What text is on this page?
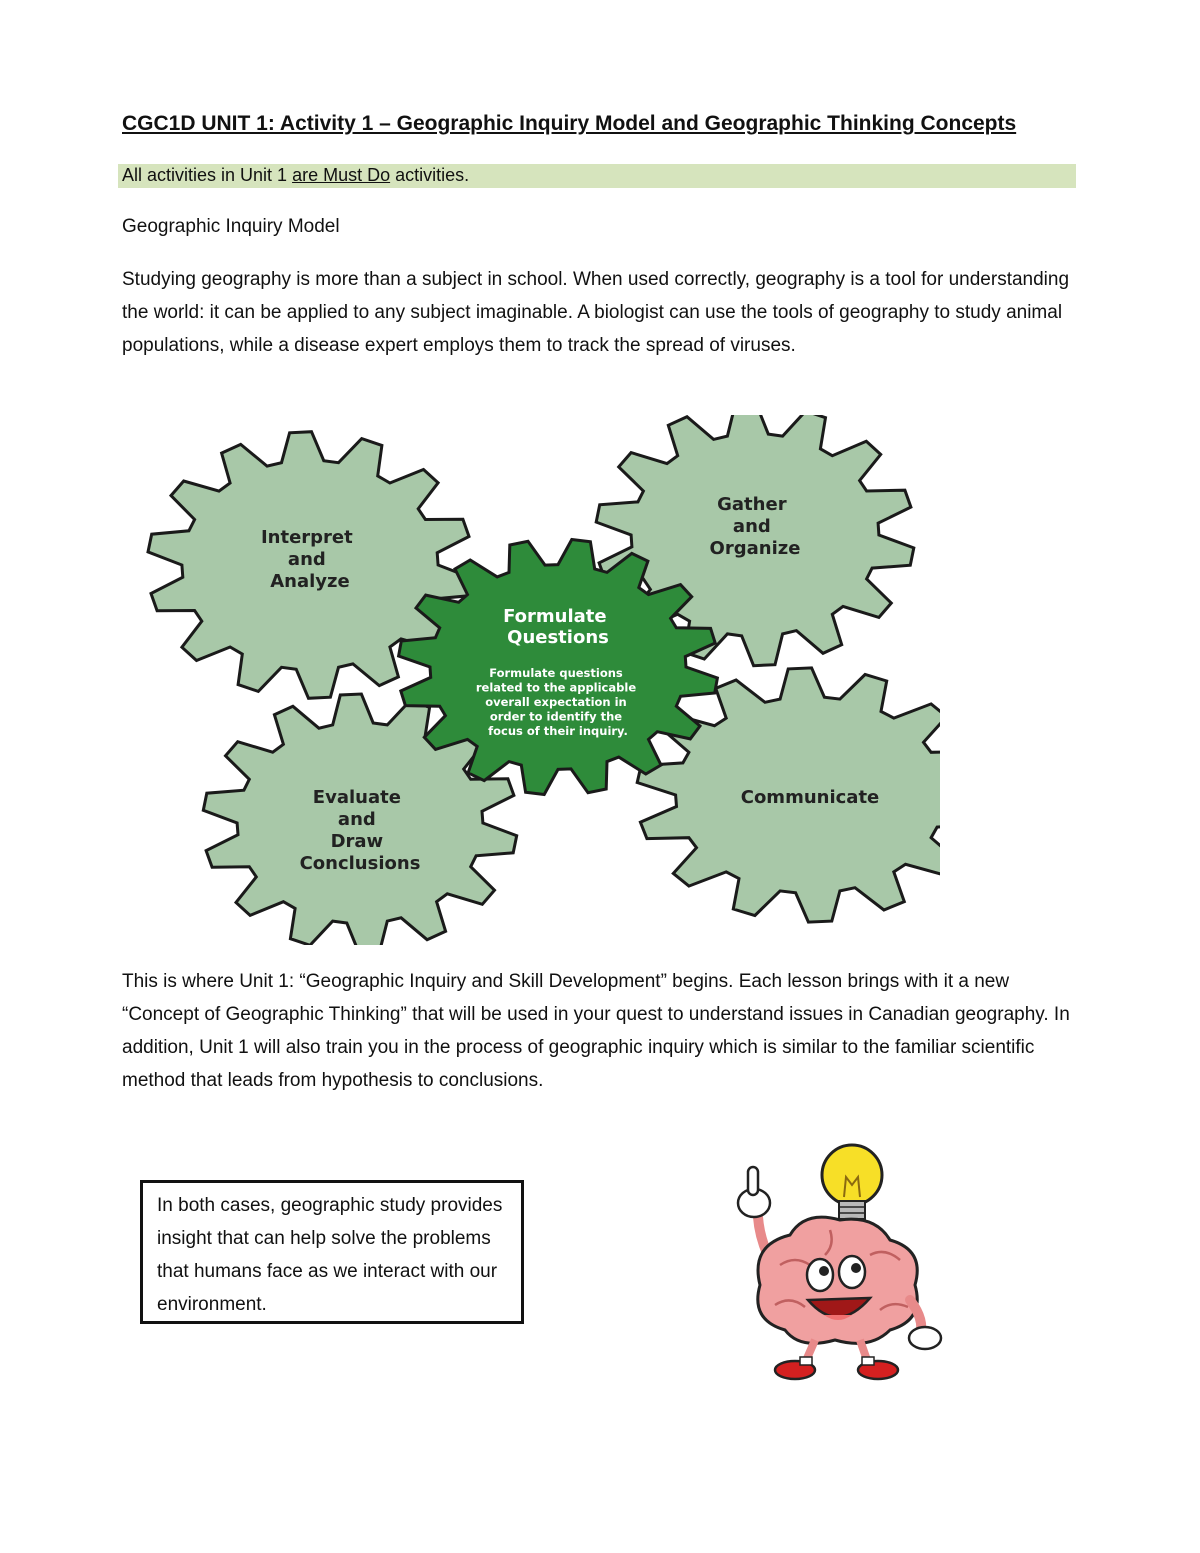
CGC1D UNIT 1: Activity 1 – Geographic Inquiry Model and Geographic Thinking Concepts
All activities in Unit 1 are Must Do activities.
Geographic Inquiry Model

Studying geography is more than a subject in school. When used correctly, geography is a tool for understanding the world: it can be applied to any subject imaginable. A biologist can use the tools of geography to study animal populations, while a disease expert employs them to track the spread of viruses.

Interpret and Analyze
Gather and Organize
Evaluate and Draw Conclusions
Communicate
Formulate Questions
Formulate questions related to the applicable overall expectation in order to identify the focus of their inquiry.

This is where Unit 1: “Geographic Inquiry and Skill Development” begins. Each lesson brings with it a new “Concept of Geographic Thinking” that will be used in your quest to understand issues in Canadian geography. In addition, Unit 1 will also train you in the process of geographic inquiry which is similar to the familiar scientific method that leads from hypothesis to conclusions.

In both cases, geographic study provides insight that can help solve the problems that humans face as we interact with our environment.
